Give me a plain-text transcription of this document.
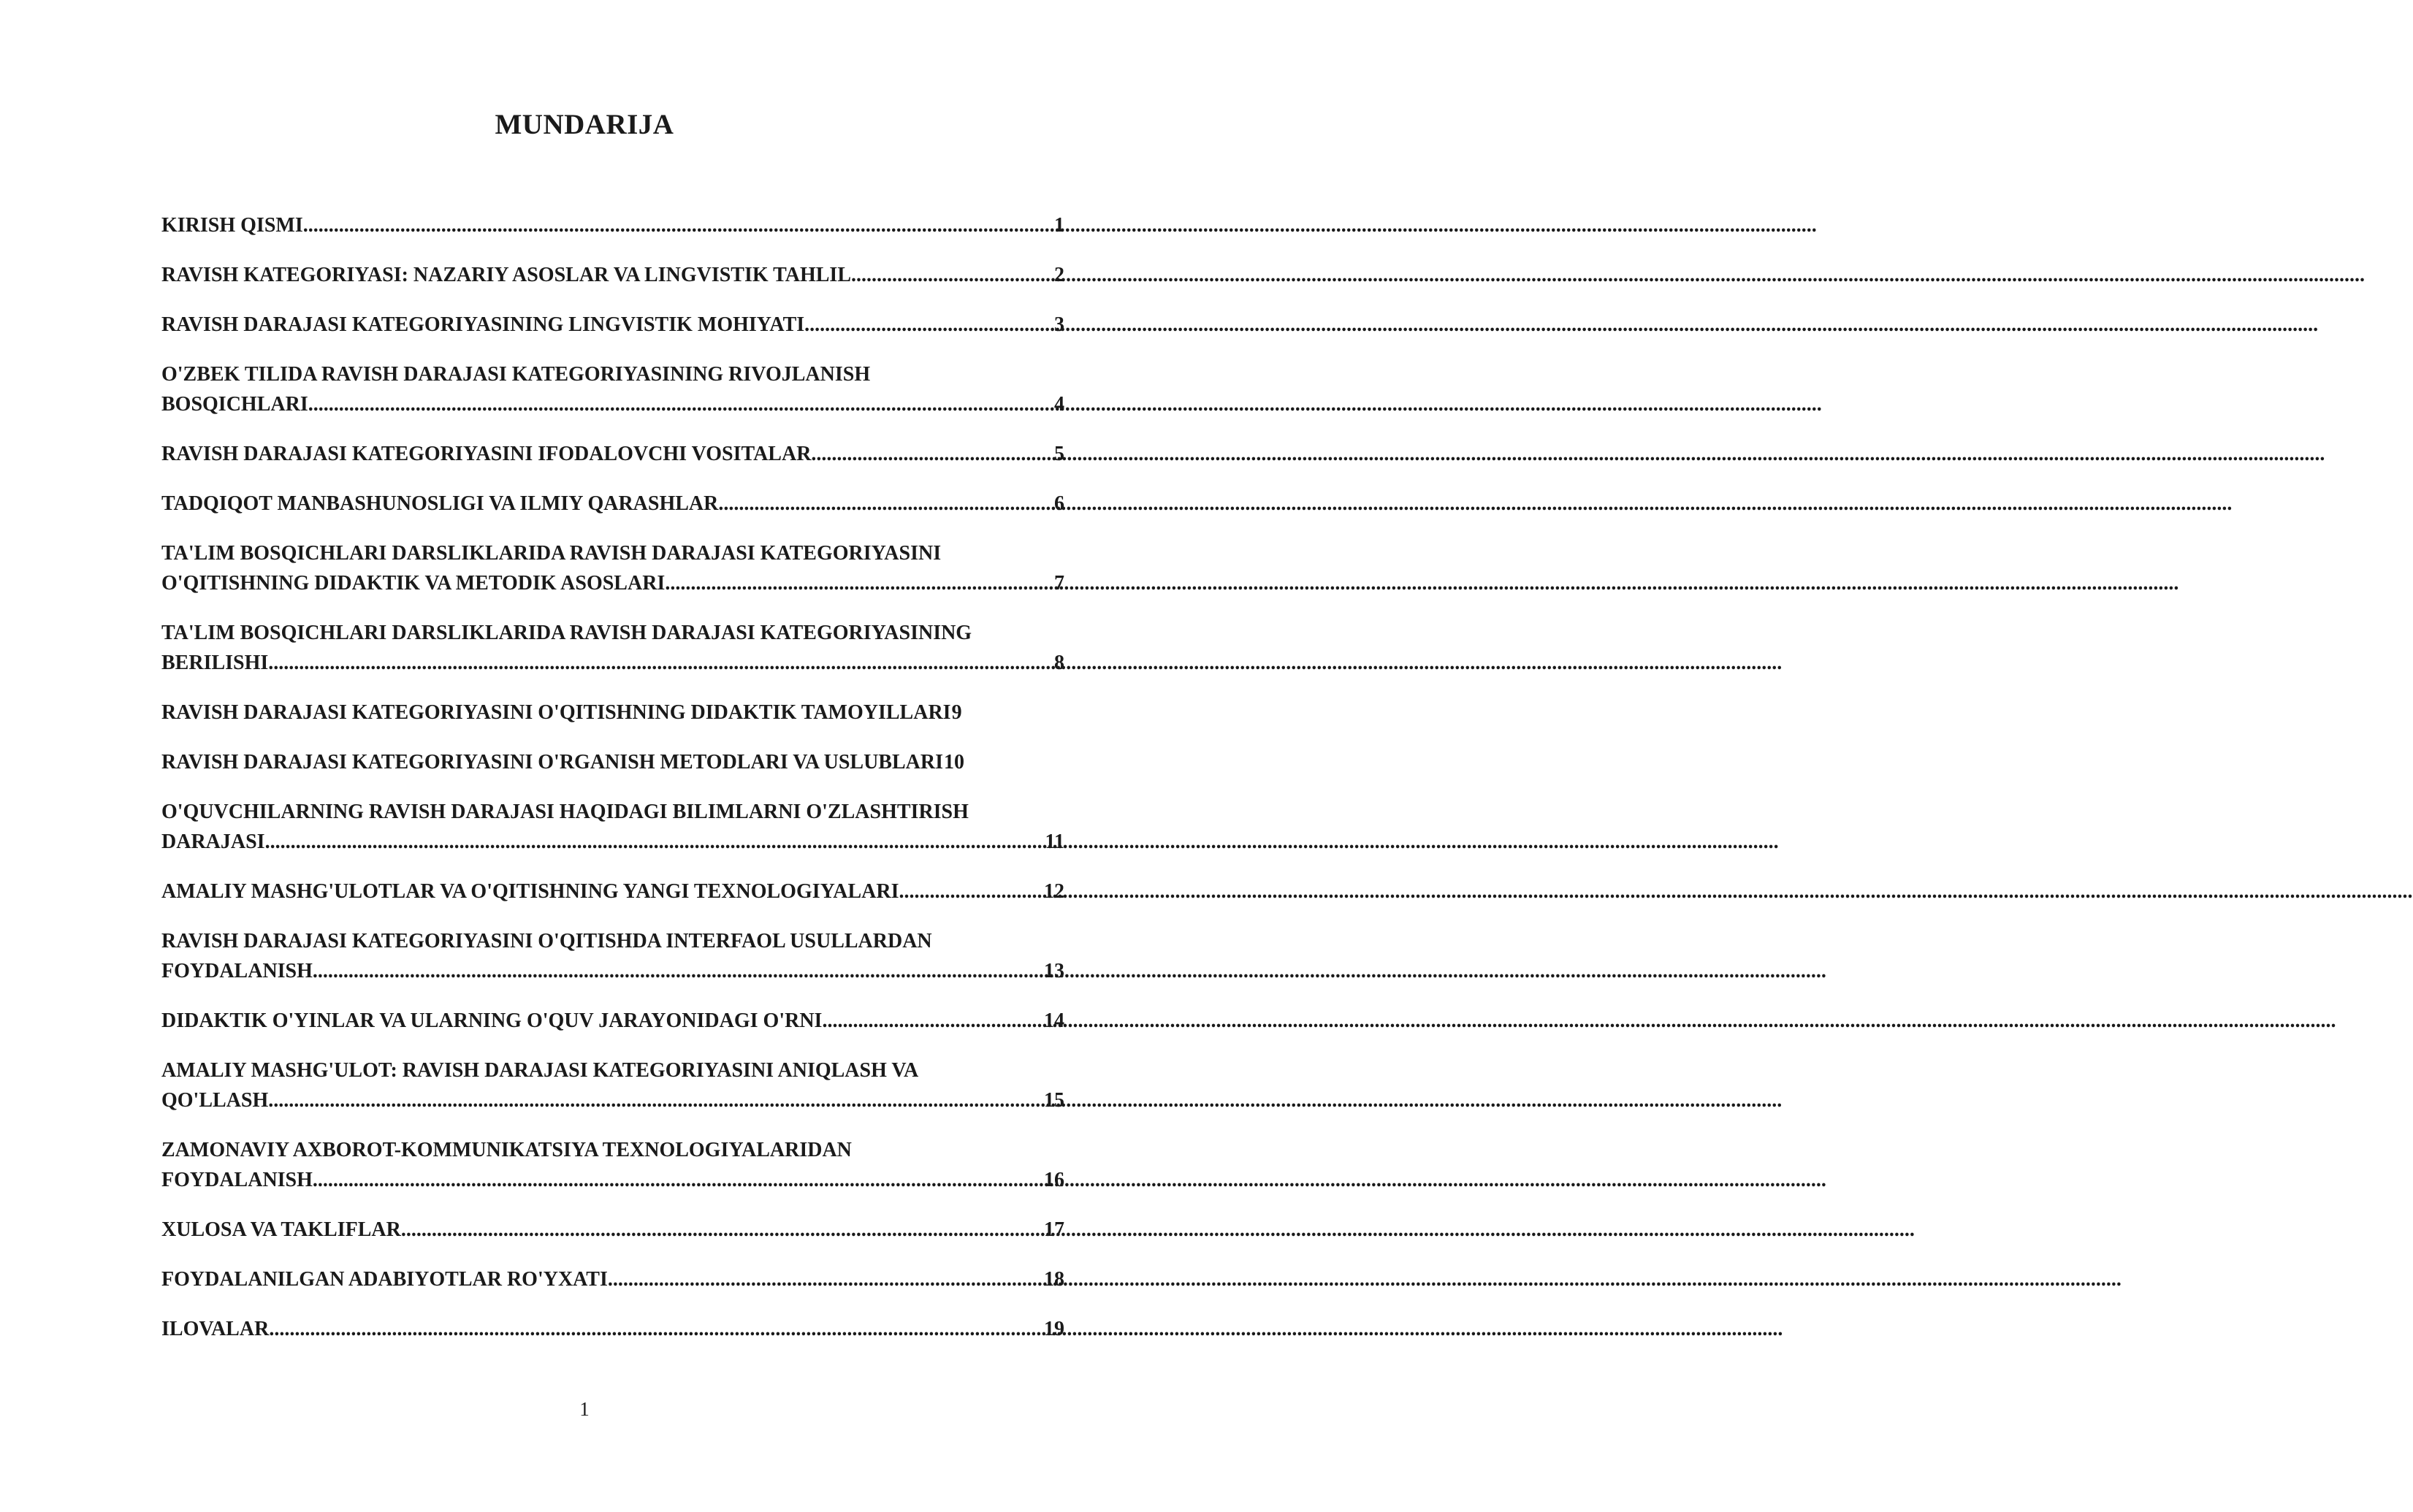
MUNDARIJA
KIRISH QISMI .....	1
RAVISH KATEGORIYASI: NAZARIY ASOSLAR VA LINGVISTIK TAHLIL .....	2
RAVISH DARAJASI KATEGORIYASINING LINGVISTIK MOHIYATI .....	3
O'ZBEK TILIDA RAVISH DARAJASI KATEGORIYASINING RIVOJLANISH
BOSQICHLARI .....	4
RAVISH DARAJASI KATEGORIYASINI IFODALOVCHI VOSITALAR .....	5
TADQIQOT MANBASHUNOSLIGI VA ILMIY QARASHLAR .....	6
TA'LIM BOSQICHLARI DARSLIKLARIDA RAVISH DARAJASI KATEGORIYASINI
O'QITISHNING DIDAKTIK VA METODIK ASOSLARI .....	7
TA'LIM BOSQICHLARI DARSLIKLARIDA RAVISH DARAJASI KATEGORIYASINING
BERILISHI .....	8
RAVISH DARAJASI KATEGORIYASINI O'QITISHNING DIDAKTIK TAMOYILLARI 9
RAVISH DARAJASI KATEGORIYASINI O'RGANISH METODLARI VA USLUBLARI 10
O'QUVCHILARNING RAVISH DARAJASI HAQIDAGI BILIMLARNI O'ZLASHTIRISH
DARAJASI .....	11
AMALIY MASHG'ULOTLAR VA O'QITISHNING YANGI TEXNOLOGIYALARI .....	12
RAVISH DARAJASI KATEGORIYASINI O'QITISHDA INTERFAOL USULLARDAN
FOYDALANISH .....	13
DIDAKTIK O'YINLAR VA ULARNING O'QUV JARAYONIDAGI O'RNI .....	14
AMALIY MASHG'ULOT: RAVISH DARAJASI KATEGORIYASINI ANIQLASH VA
QO'LLASH .....	15
ZAMONAVIY AXBOROT-KOMMUNIKATSIYA TEXNOLOGIYALARIDAN
FOYDALANISH .....	16
XULOSA VA TAKLIFLAR .....	17
FOYDALANILGAN ADABIYOTLAR RO'YXATI .....	18
ILOVALAR .....	19
1
